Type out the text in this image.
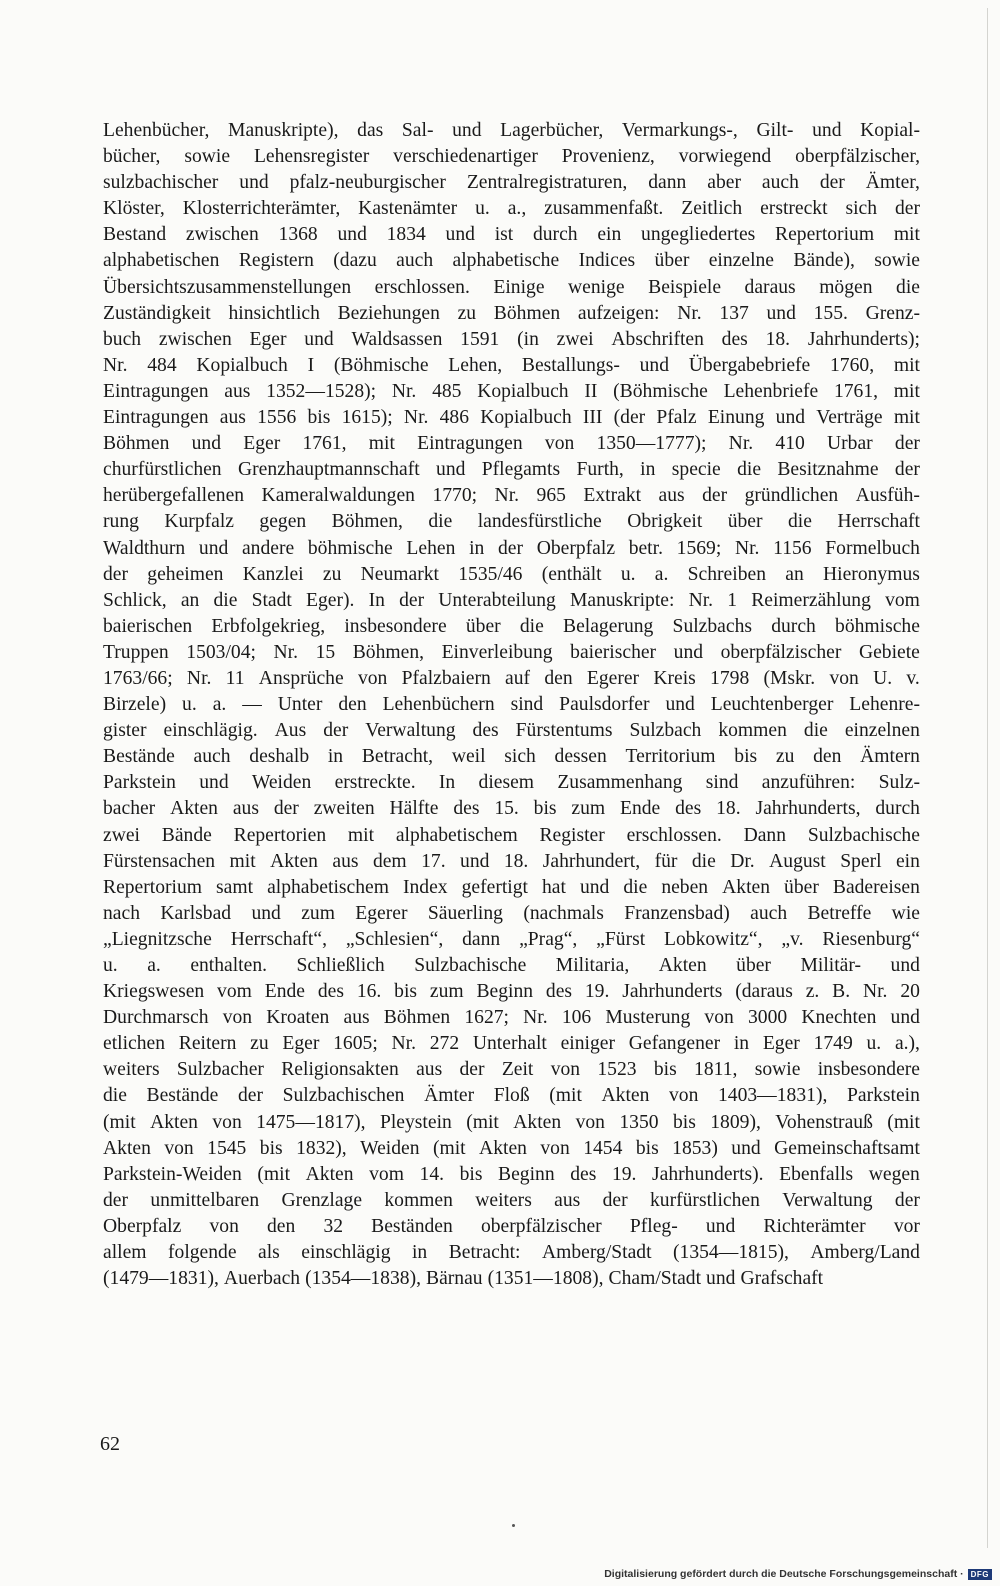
Lehenbücher, Manuskripte), das Sal- und Lagerbücher, Vermarkungs-, Gilt- und Kopial-
bücher, sowie Lehensregister verschiedenartiger Provenienz, vorwiegend oberpfälzischer,
sulzbachischer und pfalz-neuburgischer Zentralregistraturen, dann aber auch der Ämter,
Klöster, Klosterrichterämter, Kastenämter u. a., zusammenfaßt. Zeitlich erstreckt sich der
Bestand zwischen 1368 und 1834 und ist durch ein ungegliedertes Repertorium mit
alphabetischen Registern (dazu auch alphabetische Indices über einzelne Bände), sowie
Übersichtszusammenstellungen erschlossen. Einige wenige Beispiele daraus mögen die
Zuständigkeit hinsichtlich Beziehungen zu Böhmen aufzeigen: Nr. 137 und 155. Grenz-
buch zwischen Eger und Waldsassen 1591 (in zwei Abschriften des 18. Jahrhunderts);
Nr. 484 Kopialbuch I (Böhmische Lehen, Bestallungs- und Übergabebriefe 1760, mit
Eintragungen aus 1352—1528); Nr. 485 Kopialbuch II (Böhmische Lehenbriefe 1761, mit
Eintragungen aus 1556 bis 1615); Nr. 486 Kopialbuch III (der Pfalz Einung und Verträge mit
Böhmen und Eger 1761, mit Eintragungen von 1350—1777); Nr. 410 Urbar der
churfürstlichen Grenzhauptmannschaft und Pflegamts Furth, in specie die Besitznahme der
herübergefallenen Kameralwaldungen 1770; Nr. 965 Extrakt aus der gründlichen Ausfüh-
rung Kurpfalz gegen Böhmen, die landesfürstliche Obrigkeit über die Herrschaft
Waldthurn und andere böhmische Lehen in der Oberpfalz betr. 1569; Nr. 1156 Formelbuch
der geheimen Kanzlei zu Neumarkt 1535/46 (enthält u. a. Schreiben an Hieronymus
Schlick, an die Stadt Eger). In der Unterabteilung Manuskripte: Nr. 1 Reimerzählung vom
baierischen Erbfolgekrieg, insbesondere über die Belagerung Sulzbachs durch böhmische
Truppen 1503/04; Nr. 15 Böhmen, Einverleibung baierischer und oberpfälzischer Gebiete
1763/66; Nr. 11 Ansprüche von Pfalzbaiern auf den Egerer Kreis 1798 (Mskr. von U. v.
Birzele) u. a. — Unter den Lehenbüchern sind Paulsdorfer und Leuchtenberger Lehenre-
gister einschlägig. Aus der Verwaltung des Fürstentums Sulzbach kommen die einzelnen
Bestände auch deshalb in Betracht, weil sich dessen Territorium bis zu den Ämtern
Parkstein und Weiden erstreckte. In diesem Zusammenhang sind anzuführen: Sulz-
bacher Akten aus der zweiten Hälfte des 15. bis zum Ende des 18. Jahrhunderts, durch
zwei Bände Repertorien mit alphabetischem Register erschlossen. Dann Sulzbachische
Fürstensachen mit Akten aus dem 17. und 18. Jahrhundert, für die Dr. August Sperl ein
Repertorium samt alphabetischem Index gefertigt hat und die neben Akten über Badereisen
nach Karlsbad und zum Egerer Säuerling (nachmals Franzensbad) auch Betreffe wie
„Liegnitzsche Herrschaft“, „Schlesien“, dann „Prag“, „Fürst Lobkowitz“, „v. Riesenburg“
u. a. enthalten. Schließlich Sulzbachische Militaria, Akten über Militär- und
Kriegswesen vom Ende des 16. bis zum Beginn des 19. Jahrhunderts (daraus z. B. Nr. 20
Durchmarsch von Kroaten aus Böhmen 1627; Nr. 106 Musterung von 3000 Knechten und
etlichen Reitern zu Eger 1605; Nr. 272 Unterhalt einiger Gefangener in Eger 1749 u. a.),
weiters Sulzbacher Religionsakten aus der Zeit von 1523 bis 1811, sowie insbesondere
die Bestände der Sulzbachischen Ämter Floß (mit Akten von 1403—1831), Parkstein
(mit Akten von 1475—1817), Pleystein (mit Akten von 1350 bis 1809), Vohenstrauß (mit
Akten von 1545 bis 1832), Weiden (mit Akten von 1454 bis 1853) und Gemeinschaftsamt
Parkstein-Weiden (mit Akten vom 14. bis Beginn des 19. Jahrhunderts). Ebenfalls wegen
der unmittelbaren Grenzlage kommen weiters aus der kurfürstlichen Verwaltung der
Oberpfalz von den 32 Beständen oberpfälzischer Pfleg- und Richterämter vor
allem folgende als einschlägig in Betracht: Amberg/Stadt (1354—1815), Amberg/Land
(1479—1831), Auerbach (1354—1838), Bärnau (1351—1808), Cham/Stadt und Grafschaft
62
Digitalisierung gefördert durch die Deutsche Forschungsgemeinschaft · DFG
